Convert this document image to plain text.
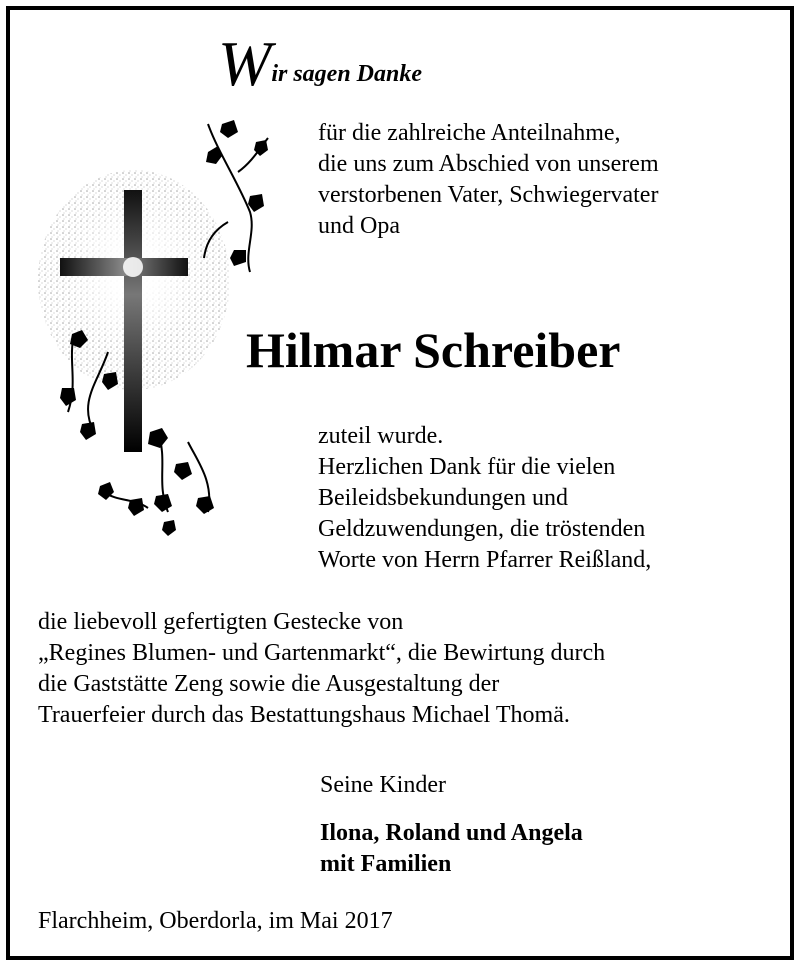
W ir sagen Danke
für die zahlreiche Anteilnahme,
die uns zum Abschied von unserem
verstorbenen Vater, Schwiegervater
und Opa
Hilmar Schreiber
zuteil wurde.
Herzlichen Dank für die vielen
Beileidsbekundungen und
Geldzuwendungen, die tröstenden
Worte von Herrn Pfarrer Reißland,
die liebevoll gefertigten Gestecke von
„Regines Blumen- und Gartenmarkt“, die Bewirtung durch
die Gaststätte Zeng sowie die Ausgestaltung der
Trauerfeier durch das Bestattungshaus Michael Thomä.
Seine Kinder
Ilona, Roland und Angela
mit Familien
Flarchheim, Oberdorla, im Mai 2017
